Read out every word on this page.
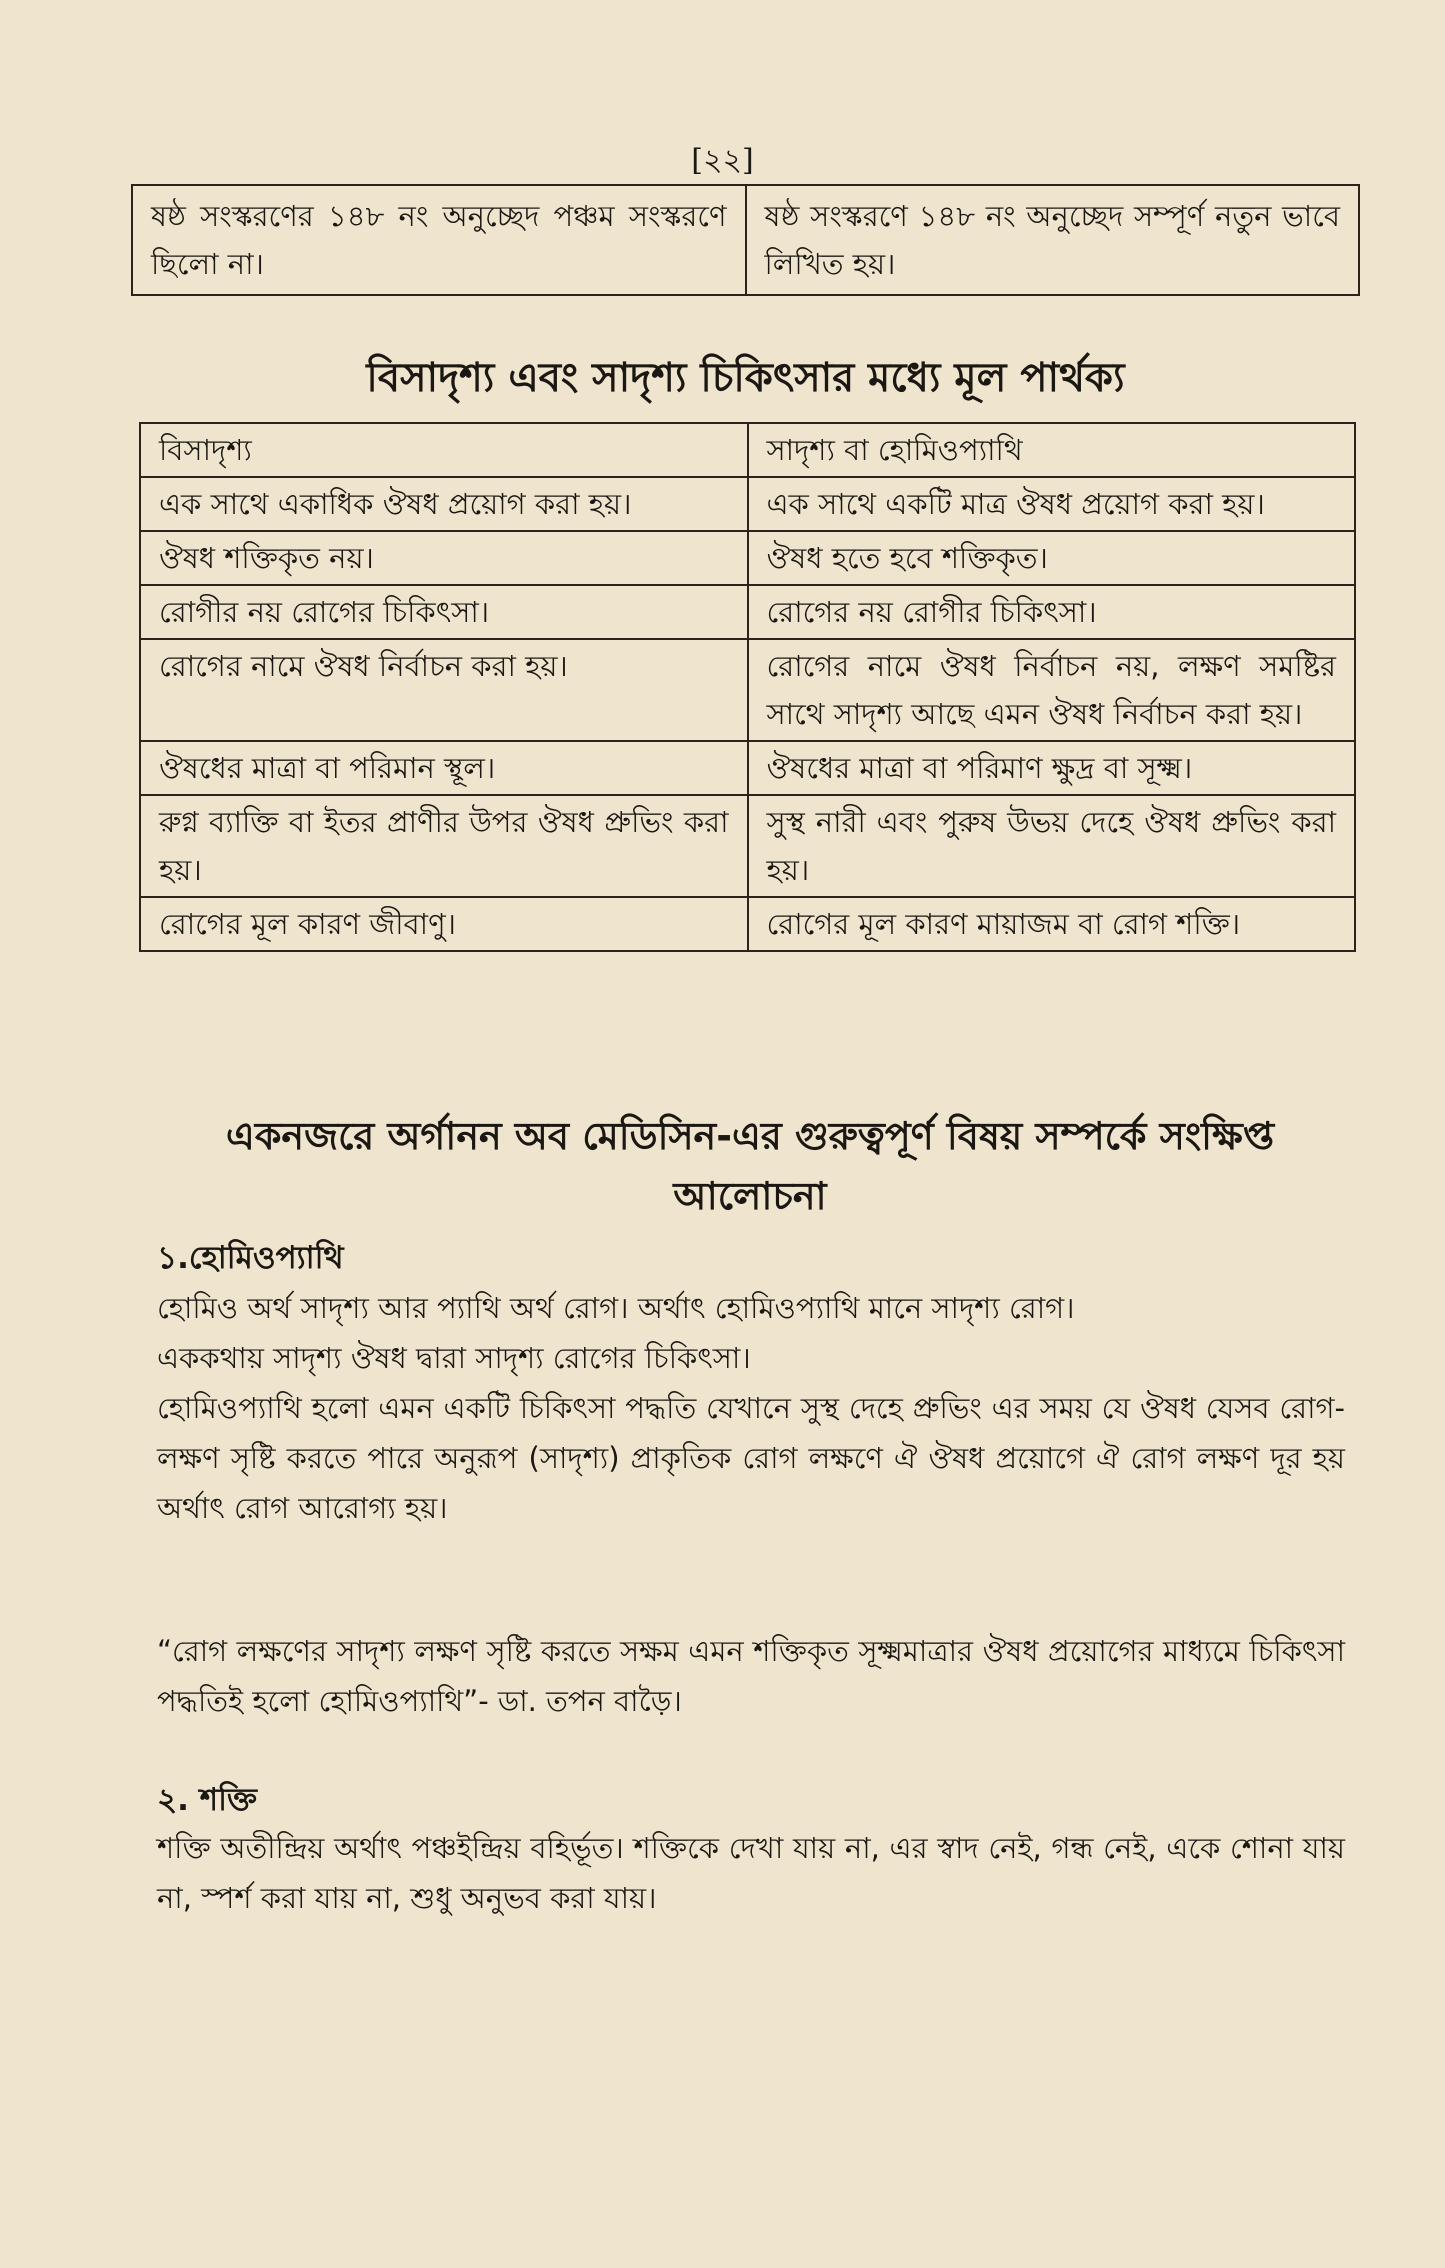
[২২]
ষষ্ঠ সংস্করণের ১৪৮ নং অনুচ্ছেদ পঞ্চম সংস্করণে ছিলো না।	ষষ্ঠ সংস্করণে ১৪৮ নং অনুচ্ছেদ সম্পূর্ণ নতুন ভাবে লিখিত হয়।
বিসাদৃশ্য এবং সাদৃশ্য চিকিৎসার মধ্যে মূল পার্থক্য
বিসাদৃশ্য	সাদৃশ্য বা হোমিওপ্যাথি
এক সাথে একাধিক ঔষধ প্রয়োগ করা হয়।	এক সাথে একটি মাত্র ঔষধ প্রয়োগ করা হয়।
ঔষধ শক্তিকৃত নয়।	ঔষধ হতে হবে শক্তিকৃত।
রোগীর নয় রোগের চিকিৎসা।	রোগের নয় রোগীর চিকিৎসা।
রোগের নামে ঔষধ নির্বাচন করা হয়।	রোগের নামে ঔষধ নির্বাচন নয়, লক্ষণ সমষ্টির সাথে সাদৃশ্য আছে এমন ঔষধ নির্বাচন করা হয়।
ঔষধের মাত্রা বা পরিমান স্থূল।	ঔষধের মাত্রা বা পরিমাণ ক্ষুদ্র বা সূক্ষ্ম।
রুগ্ন ব্যাক্তি বা ইতর প্রাণীর উপর ঔষধ প্রুভিং করা হয়।	সুস্থ নারী এবং পুরুষ উভয় দেহে ঔষধ প্রুভিং করা হয়।
রোগের মূল কারণ জীবাণু।	রোগের মূল কারণ মায়াজম বা রোগ শক্তি।
একনজরে অর্গানন অব মেডিসিন-এর গুরুত্বপূর্ণ বিষয় সম্পর্কে সংক্ষিপ্ত আলোচনা
১.হোমিওপ্যাথি

হোমিও অর্থ সাদৃশ্য আর প্যাথি অর্থ রোগ। অর্থাৎ হোমিওপ্যাথি মানে সাদৃশ্য রোগ।

এককথায় সাদৃশ্য ঔষধ দ্বারা সাদৃশ্য রোগের চিকিৎসা।

হোমিওপ্যাথি হলো এমন একটি চিকিৎসা পদ্ধতি যেখানে সুস্থ দেহে প্রুভিং এর সময় যে ঔষধ যেসব রোগ-লক্ষণ সৃষ্টি করতে পারে অনুরূপ (সাদৃশ্য) প্রাকৃতিক রোগ লক্ষণে ঐ ঔষধ প্রয়োগে ঐ রোগ লক্ষণ দূর হয় অর্থাৎ রোগ আরোগ্য হয়।

“রোগ লক্ষণের সাদৃশ্য লক্ষণ সৃষ্টি করতে সক্ষম এমন শক্তিকৃত সূক্ষ্মমাত্রার ঔষধ প্রয়োগের মাধ্যমে চিকিৎসা পদ্ধতিই হলো হোমিওপ্যাথি”- ডা. তপন বাড়ৈ।

২. শক্তি

শক্তি অতীন্দ্রিয় অর্থাৎ পঞ্চইন্দ্রিয় বহির্ভূত। শক্তিকে দেখা যায় না, এর স্বাদ নেই, গন্ধ নেই, একে শোনা যায় না, স্পর্শ করা যায় না, শুধু অনুভব করা যায়।
